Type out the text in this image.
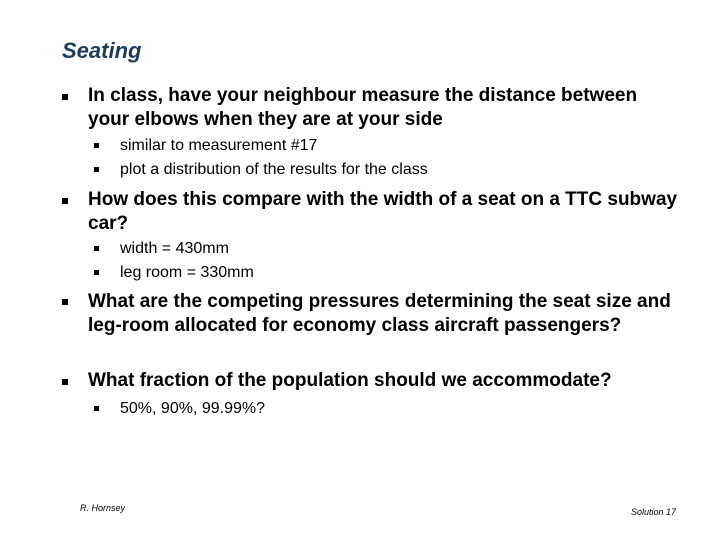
Seating
In class, have your neighbour measure the distance between your elbows when they are at your side
similar to measurement #17
plot a distribution of the results for the class
How does this compare with the width of a seat on a TTC subway car?
width = 430mm
leg room = 330mm
What are the competing pressures determining the seat size and leg-room allocated for economy class aircraft passengers?
What fraction of the population should we accommodate?
50%, 90%, 99.99%?
R. Hornsey	Solution 17
